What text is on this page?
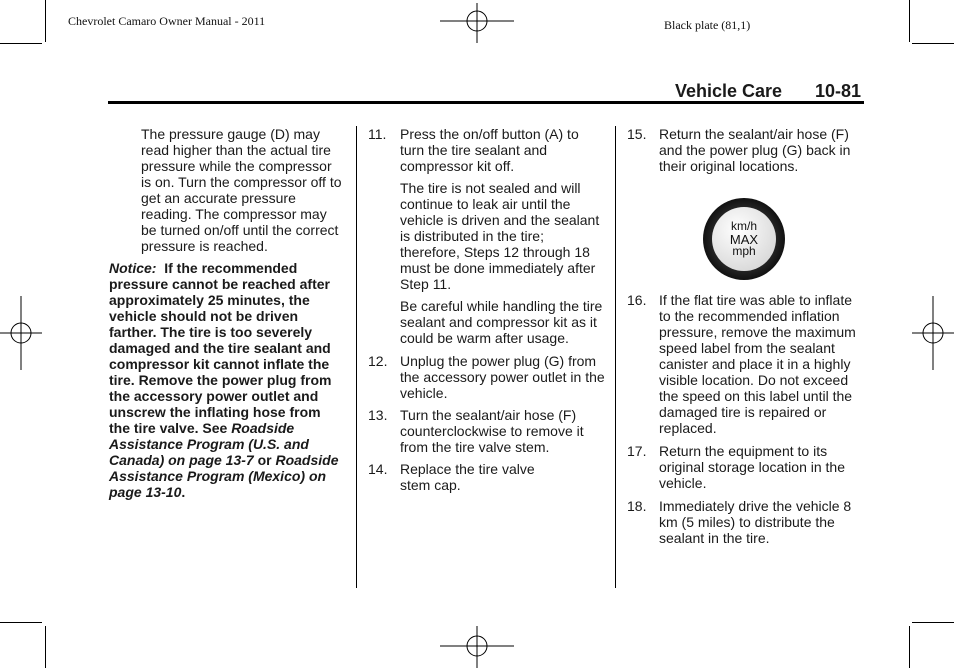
Chevrolet Camaro Owner Manual - 2011	Black plate (81,1)
Vehicle Care 10-81

The pressure gauge (D) may read higher than the actual tire pressure while the compressor is on. Turn the compressor off to get an accurate pressure reading. The compressor may be turned on/off until the correct pressure is reached.

Notice: If the recommended pressure cannot be reached after approximately 25 minutes, the vehicle should not be driven farther. The tire is too severely damaged and the tire sealant and compressor kit cannot inflate the tire. Remove the power plug from the accessory power outlet and unscrew the inflating hose from the tire valve. See Roadside Assistance Program (U.S. and Canada) on page 13-7 or Roadside Assistance Program (Mexico) on page 13-10.

11. Press the on/off button (A) to turn the tire sealant and compressor kit off.

The tire is not sealed and will continue to leak air until the vehicle is driven and the sealant is distributed in the tire; therefore, Steps 12 through 18 must be done immediately after Step 11.

Be careful while handling the tire sealant and compressor kit as it could be warm after usage.

12. Unplug the power plug (G) from the accessory power outlet in the vehicle.
13. Turn the sealant/air hose (F) counterclockwise to remove it from the tire valve stem.
14. Replace the tire valve stem cap.
15. Return the sealant/air hose (F) and the power plug (G) back in their original locations.
km/h
MAX
mph
16. If the flat tire was able to inflate to the recommended inflation pressure, remove the maximum speed label from the sealant canister and place it in a highly visible location. Do not exceed the speed on this label until the damaged tire is repaired or replaced.
17. Return the equipment to its original storage location in the vehicle.
18. Immediately drive the vehicle 8 km (5 miles) to distribute the sealant in the tire.
